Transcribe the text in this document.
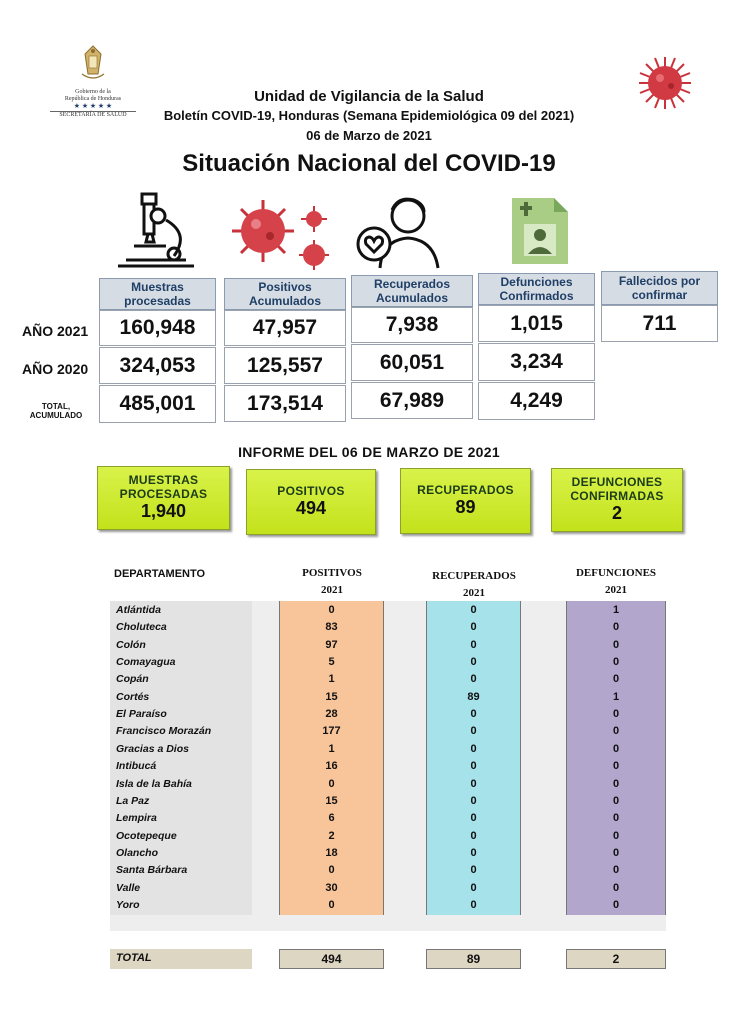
Gobierno de la
República de Honduras
★ ★ ★ ★ ★
SECRETARÍA DE SALUD
Unidad de Vigilancia de la Salud
Boletín COVID-19, Honduras (Semana Epidemiológica 09 del 2021)
06 de Marzo de 2021
Situación Nacional del COVID-19
Muestras procesadas
Positivos Acumulados
Recuperados Acumulados
Defunciones Confirmados
Fallecidos por confirmar
AÑO 2021
AÑO 2020
TOTAL, ACUMULADO
160,948	47,957	7,938	1,015	711
324,053	125,557	60,051	3,234
485,001	173,514	67,989	4,249
INFORME DEL 06 DE MARZO DE 2021
MUESTRAS PROCESADAS
1,940
POSITIVOS
494
RECUPERADOS
89
DEFUNCIONES CONFIRMADAS
2
DEPARTAMENTO	POSITIVOS
2021
RECUPERADOS
2021
DEFUNCIONES
2021
Atlántida	0	0	1
Choluteca	83	0	0
Colón	97	0	0
Comayagua	5	0	0
Copán	1	0	0
Cortés	15	89	1
El Paraíso	28	0	0
Francisco Morazán	177	0	0
Gracias a Dios	1	0	0
Intibucá	16	0	0
Isla de la Bahía	0	0	0
La Paz	15	0	0
Lempira	6	0	0
Ocotepeque	2	0	0
Olancho	18	0	0
Santa Bárbara	0	0	0
Valle	30	0	0
Yoro	0	0	0
TOTAL	494	89	2
